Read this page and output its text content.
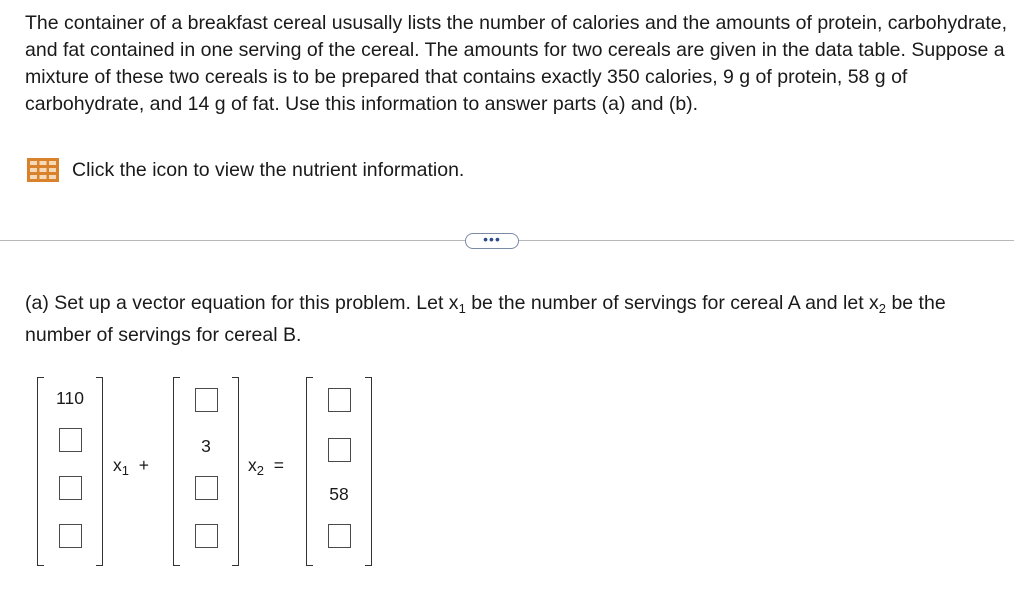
The container of a breakfast cereal ususally lists the number of calories and the amounts of protein, carbohydrate, and fat contained in one serving of the cereal. The amounts for two cereals are given in the data table. Suppose a mixture of these two cereals is to be prepared that contains exactly 350 calories, 9 g of protein, 58 g of carbohydrate, and 14 g of fat. Use this information to answer parts (a) and (b).
Click the icon to view the nutrient information.
•••
(a) Set up a vector equation for this problem. Let $x_1$ be the number of servings for cereal A and let $x_2$ be the number of servings for cereal B.
110
$x_1$ +
3
$x_2$ =
58
